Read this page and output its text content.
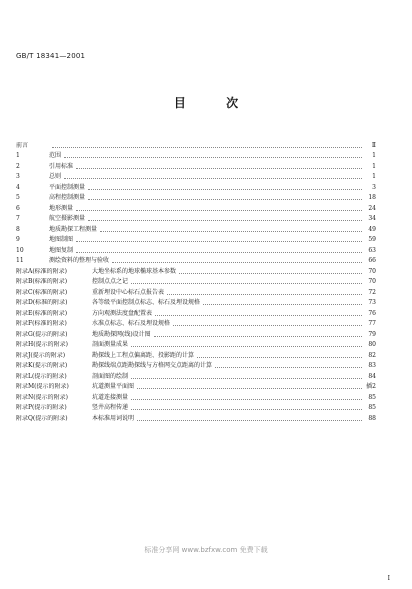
GB/T 18341—2001
目 次
前言	Ⅱ
1	范围	1
2	引用标准	1
3	总则	1
4	平面控制测量	3
5	高程控制测量	18
6	地形测量	24
7	航空摄影测量	34
8	地质勘探工程测量	49
9	地图制图	59
10	地图复制	63
11	测绘资料的整理与验收	66
附录A(标准的附录)	大地坐标系的地球椭球基本参数	70
附录B(标准的附录)	控制点点之记	70
附录C(标准的附录)	重新埋设中心标石点报告表	72
附录D(标准的附录)	各等级平面控制点标志、标石及埋设规格	73
附录E(标准的附录)	方向观测法度盘配置表	76
附录F(标准的附录)	水准点标志、标石及埋设规格	77
附录G(提示的附录)	地质勘探网(线)设计图	79
附录H(提示的附录)	剖面测量成果	80
附录J(提示的附录)	勘探线上工程点偏离距、投影距的计算	82
附录K(提示的附录)	勘探线端点距勘探线与方格网交点距离的计算	83
附录L(提示的附录)	剖面图的绘制	84
附录M(提示的附录)	坑道测量平面图	插2
附录N(提示的附录)	坑道连接测量	85
附录P(提示的附录)	竖井高程传递	85
附录Q(提示的附录)	本标准用词说明	88
标准分享网 www.bzfxw.com 免费下载
I
